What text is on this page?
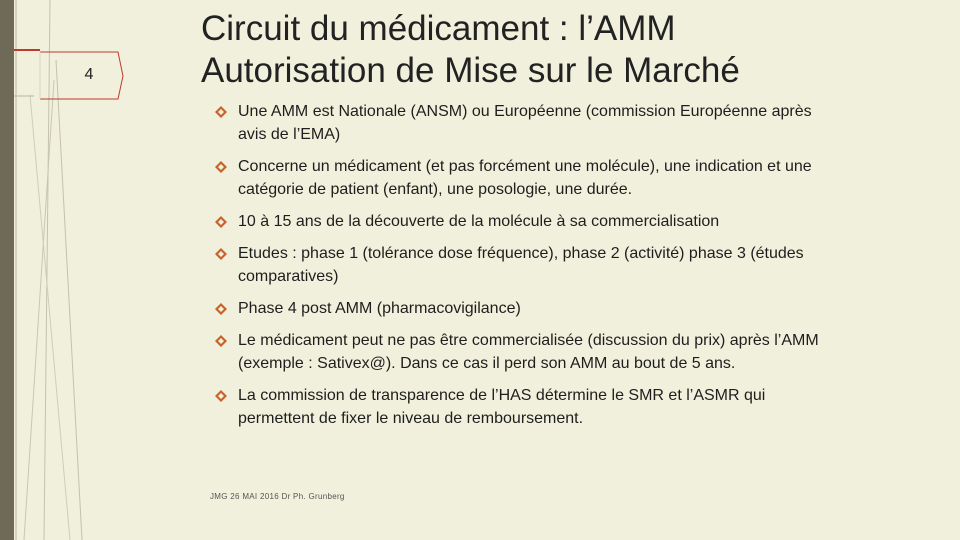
4
Circuit du médicament : l’AMM
Autorisation de Mise sur le Marché
Une AMM est Nationale (ANSM) ou Européenne (commission Européenne après
avis de l’EMA)
Concerne un médicament (et pas forcément une molécule), une indication et une
catégorie de patient (enfant), une posologie, une durée.
10 à 15 ans de la découverte de la molécule à sa commercialisation
Etudes : phase 1 (tolérance dose fréquence), phase 2 (activité) phase 3 (études
comparatives)
Phase 4 post AMM (pharmacovigilance)
Le médicament peut ne pas être commercialisée (discussion du prix) après l’AMM
(exemple : Sativex@). Dans ce cas il perd son AMM au bout de 5 ans.
La commission de transparence de l’HAS détermine le SMR et l’ASMR qui
permettent de fixer le niveau de remboursement.
JMG 26 MAI 2016 Dr Ph. Grunberg
